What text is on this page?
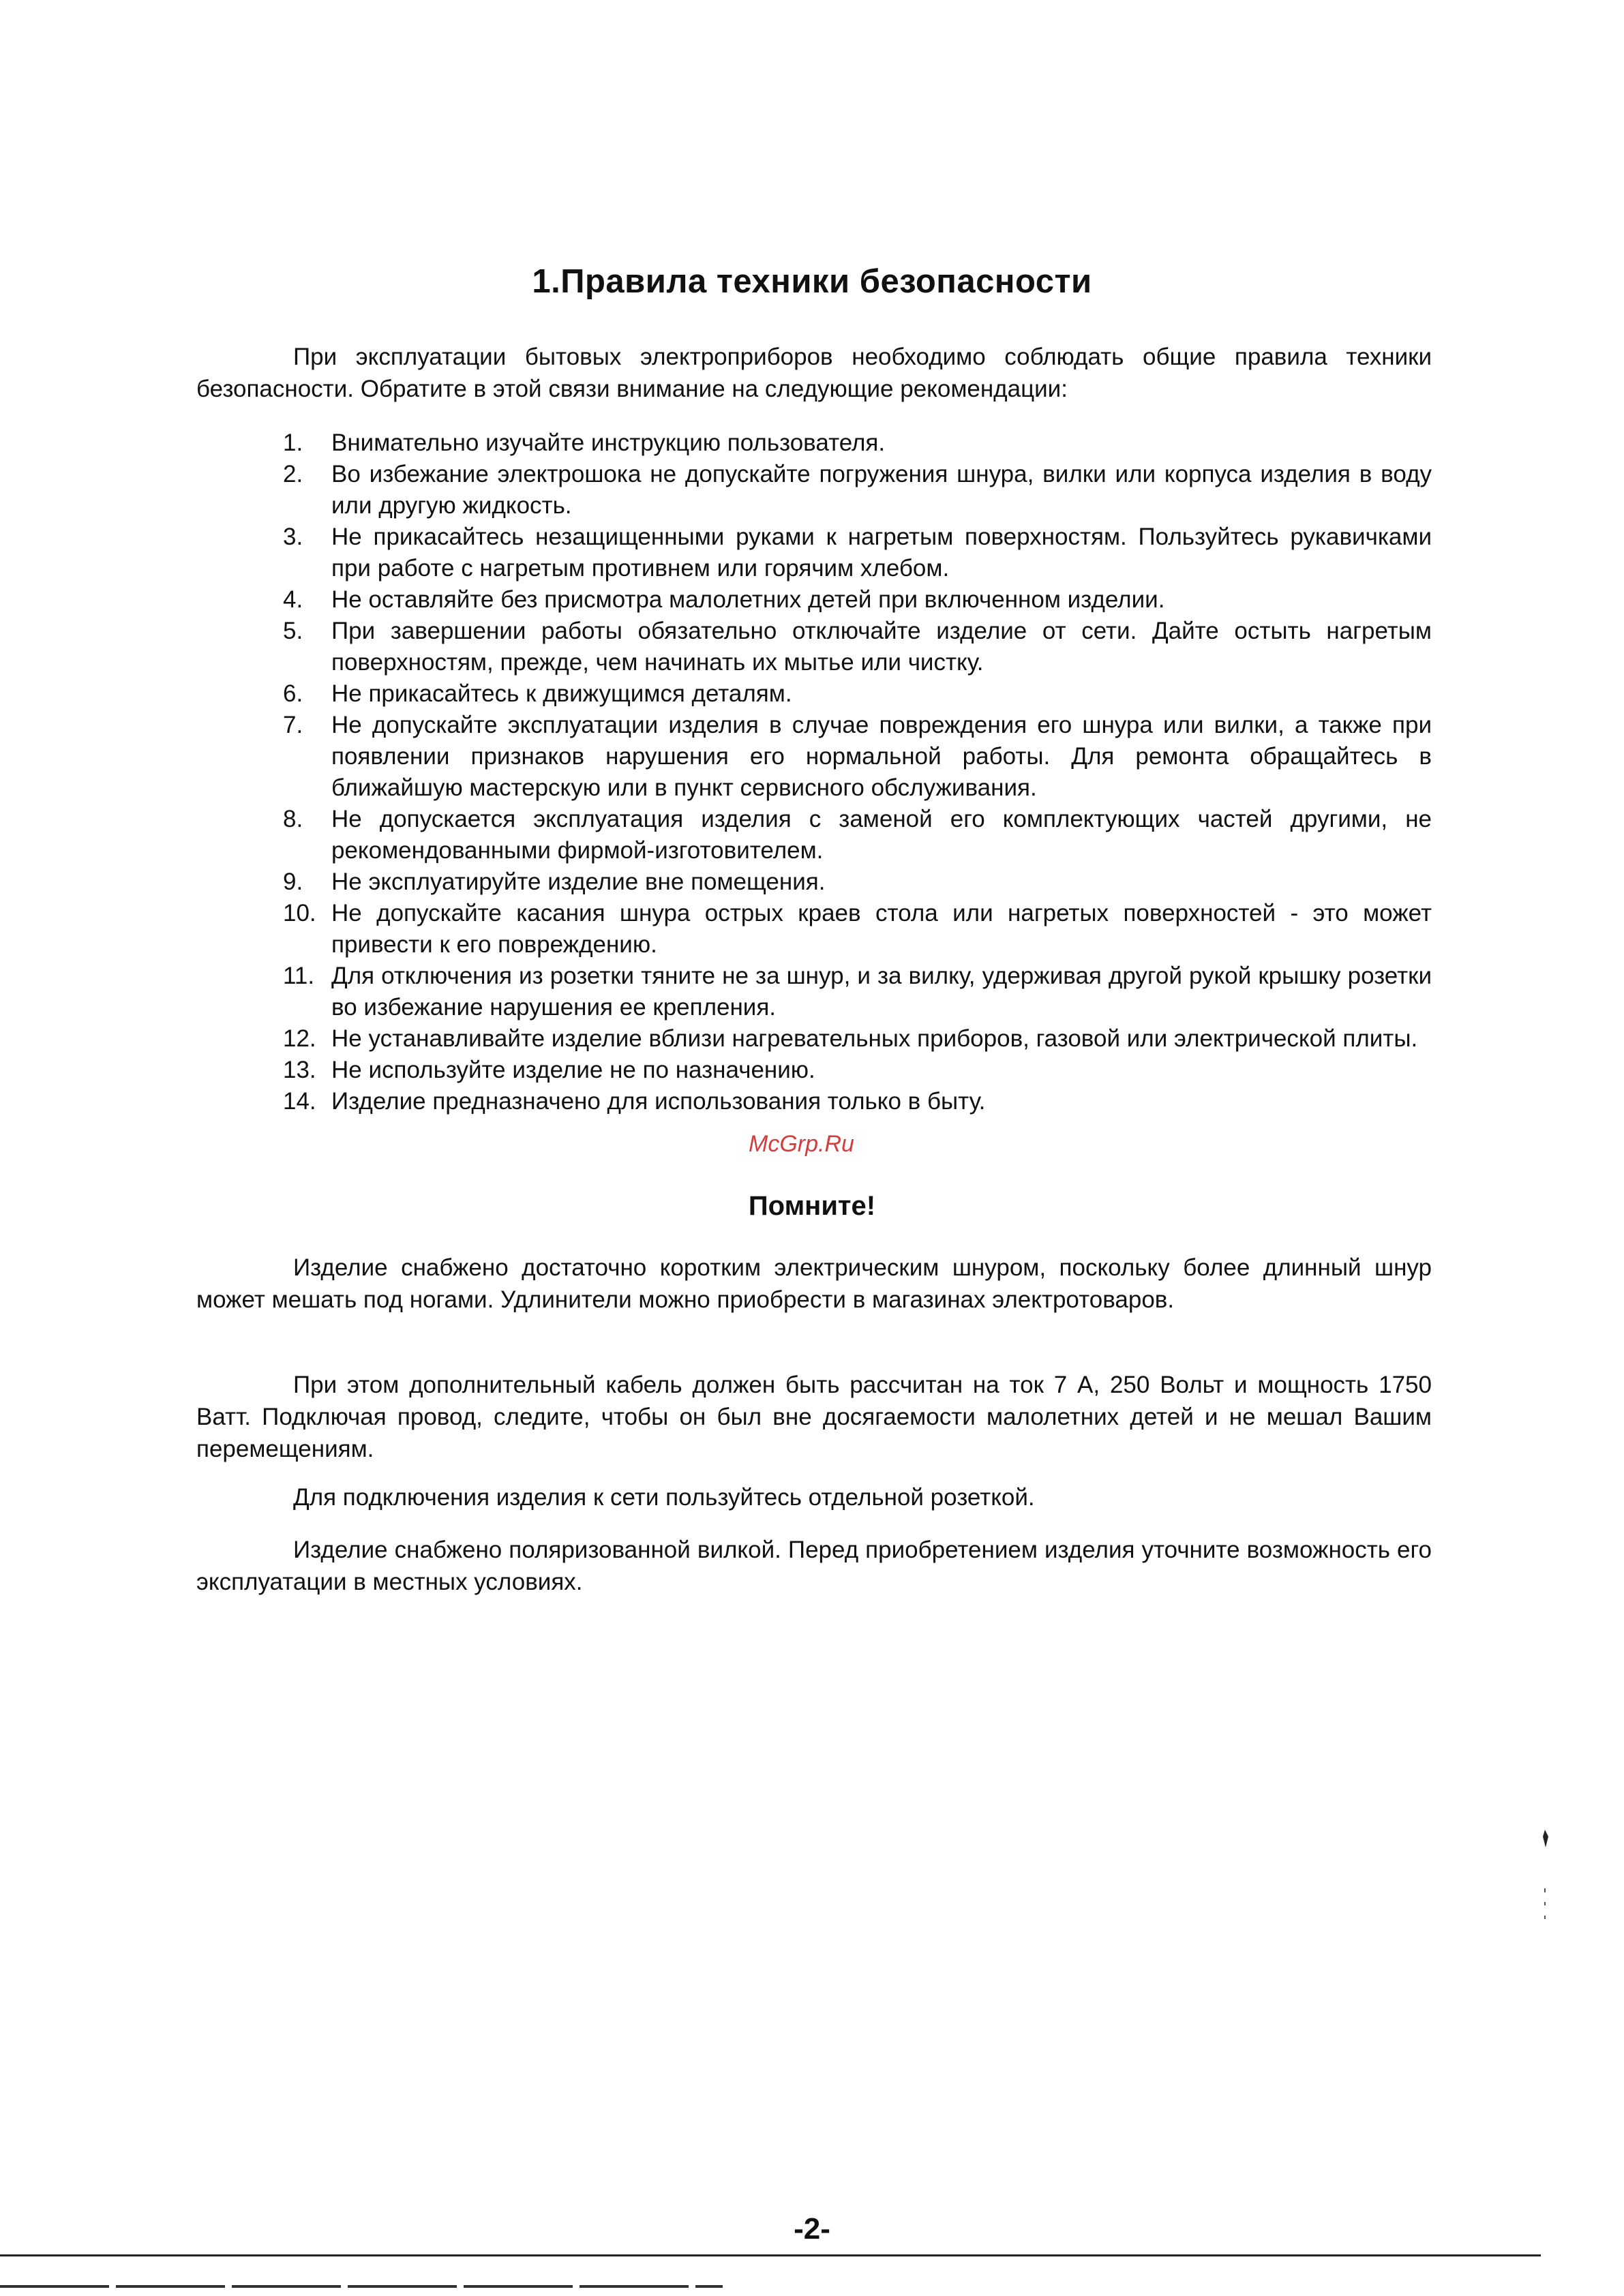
1.Правила техники безопасности

При эксплуатации бытовых электроприборов необходимо соблюдать общие правила техники безопасности. Обратите в этой связи внимание на следующие рекомендации:

1.	Внимательно изучайте инструкцию пользователя.
2.	Во избежание электрошока не допускайте погружения шнура, вилки или корпуса изделия в воду или другую жидкость.
3.	Не прикасайтесь незащищенными руками к нагретым поверхностям. Пользуйтесь рукавичками при работе с нагретым противнем или горячим хлебом.
4.	Не оставляйте без присмотра малолетних детей при включенном изделии.
5.	При завершении работы обязательно отключайте изделие от сети. Дайте остыть нагретым поверхностям, прежде, чем начинать их мытье или чистку.
6.	Не прикасайтесь к движущимся деталям.
7.	Не допускайте эксплуатации изделия в случае повреждения его шнура или вилки, а также при появлении признаков нарушения его нормальной работы. Для ремонта обращайтесь в ближайшую мастерскую или в пункт сервисного обслуживания.
8.	Не допускается эксплуатация изделия с заменой его комплектующих частей другими, не рекомендованными фирмой-изготовителем.
9.	Не эксплуатируйте изделие вне помещения.
10. Не допускайте касания шнура острых краев стола или нагретых поверхностей - это может привести к его повреждению.
11. Для отключения из розетки тяните не за шнур, и за вилку, удерживая другой рукой крышку розетки во избежание нарушения ее крепления.
12. Не устанавливайте изделие вблизи нагревательных приборов, газовой или электрической плиты.
13. Не используйте изделие не по назначению.
14. Изделие предназначено для использования только в быту.
McGrp.Ru
Помните!

Изделие снабжено достаточно коротким электрическим шнуром, поскольку более длинный шнур может мешать под ногами. Удлинители можно приобрести в магазинах электротоваров.

При этом дополнительный кабель должен быть рассчитан на ток 7 А, 250 Вольт и мощность 1750 Ватт. Подключая провод, следите, чтобы он был вне досягаемости малолетних детей и не мешал Вашим перемещениям.

Для подключения изделия к сети пользуйтесь отдельной розеткой.

Изделие снабжено поляризованной вилкой. Перед приобретением изделия уточните возможность его эксплуатации в местных условиях.

-2-
